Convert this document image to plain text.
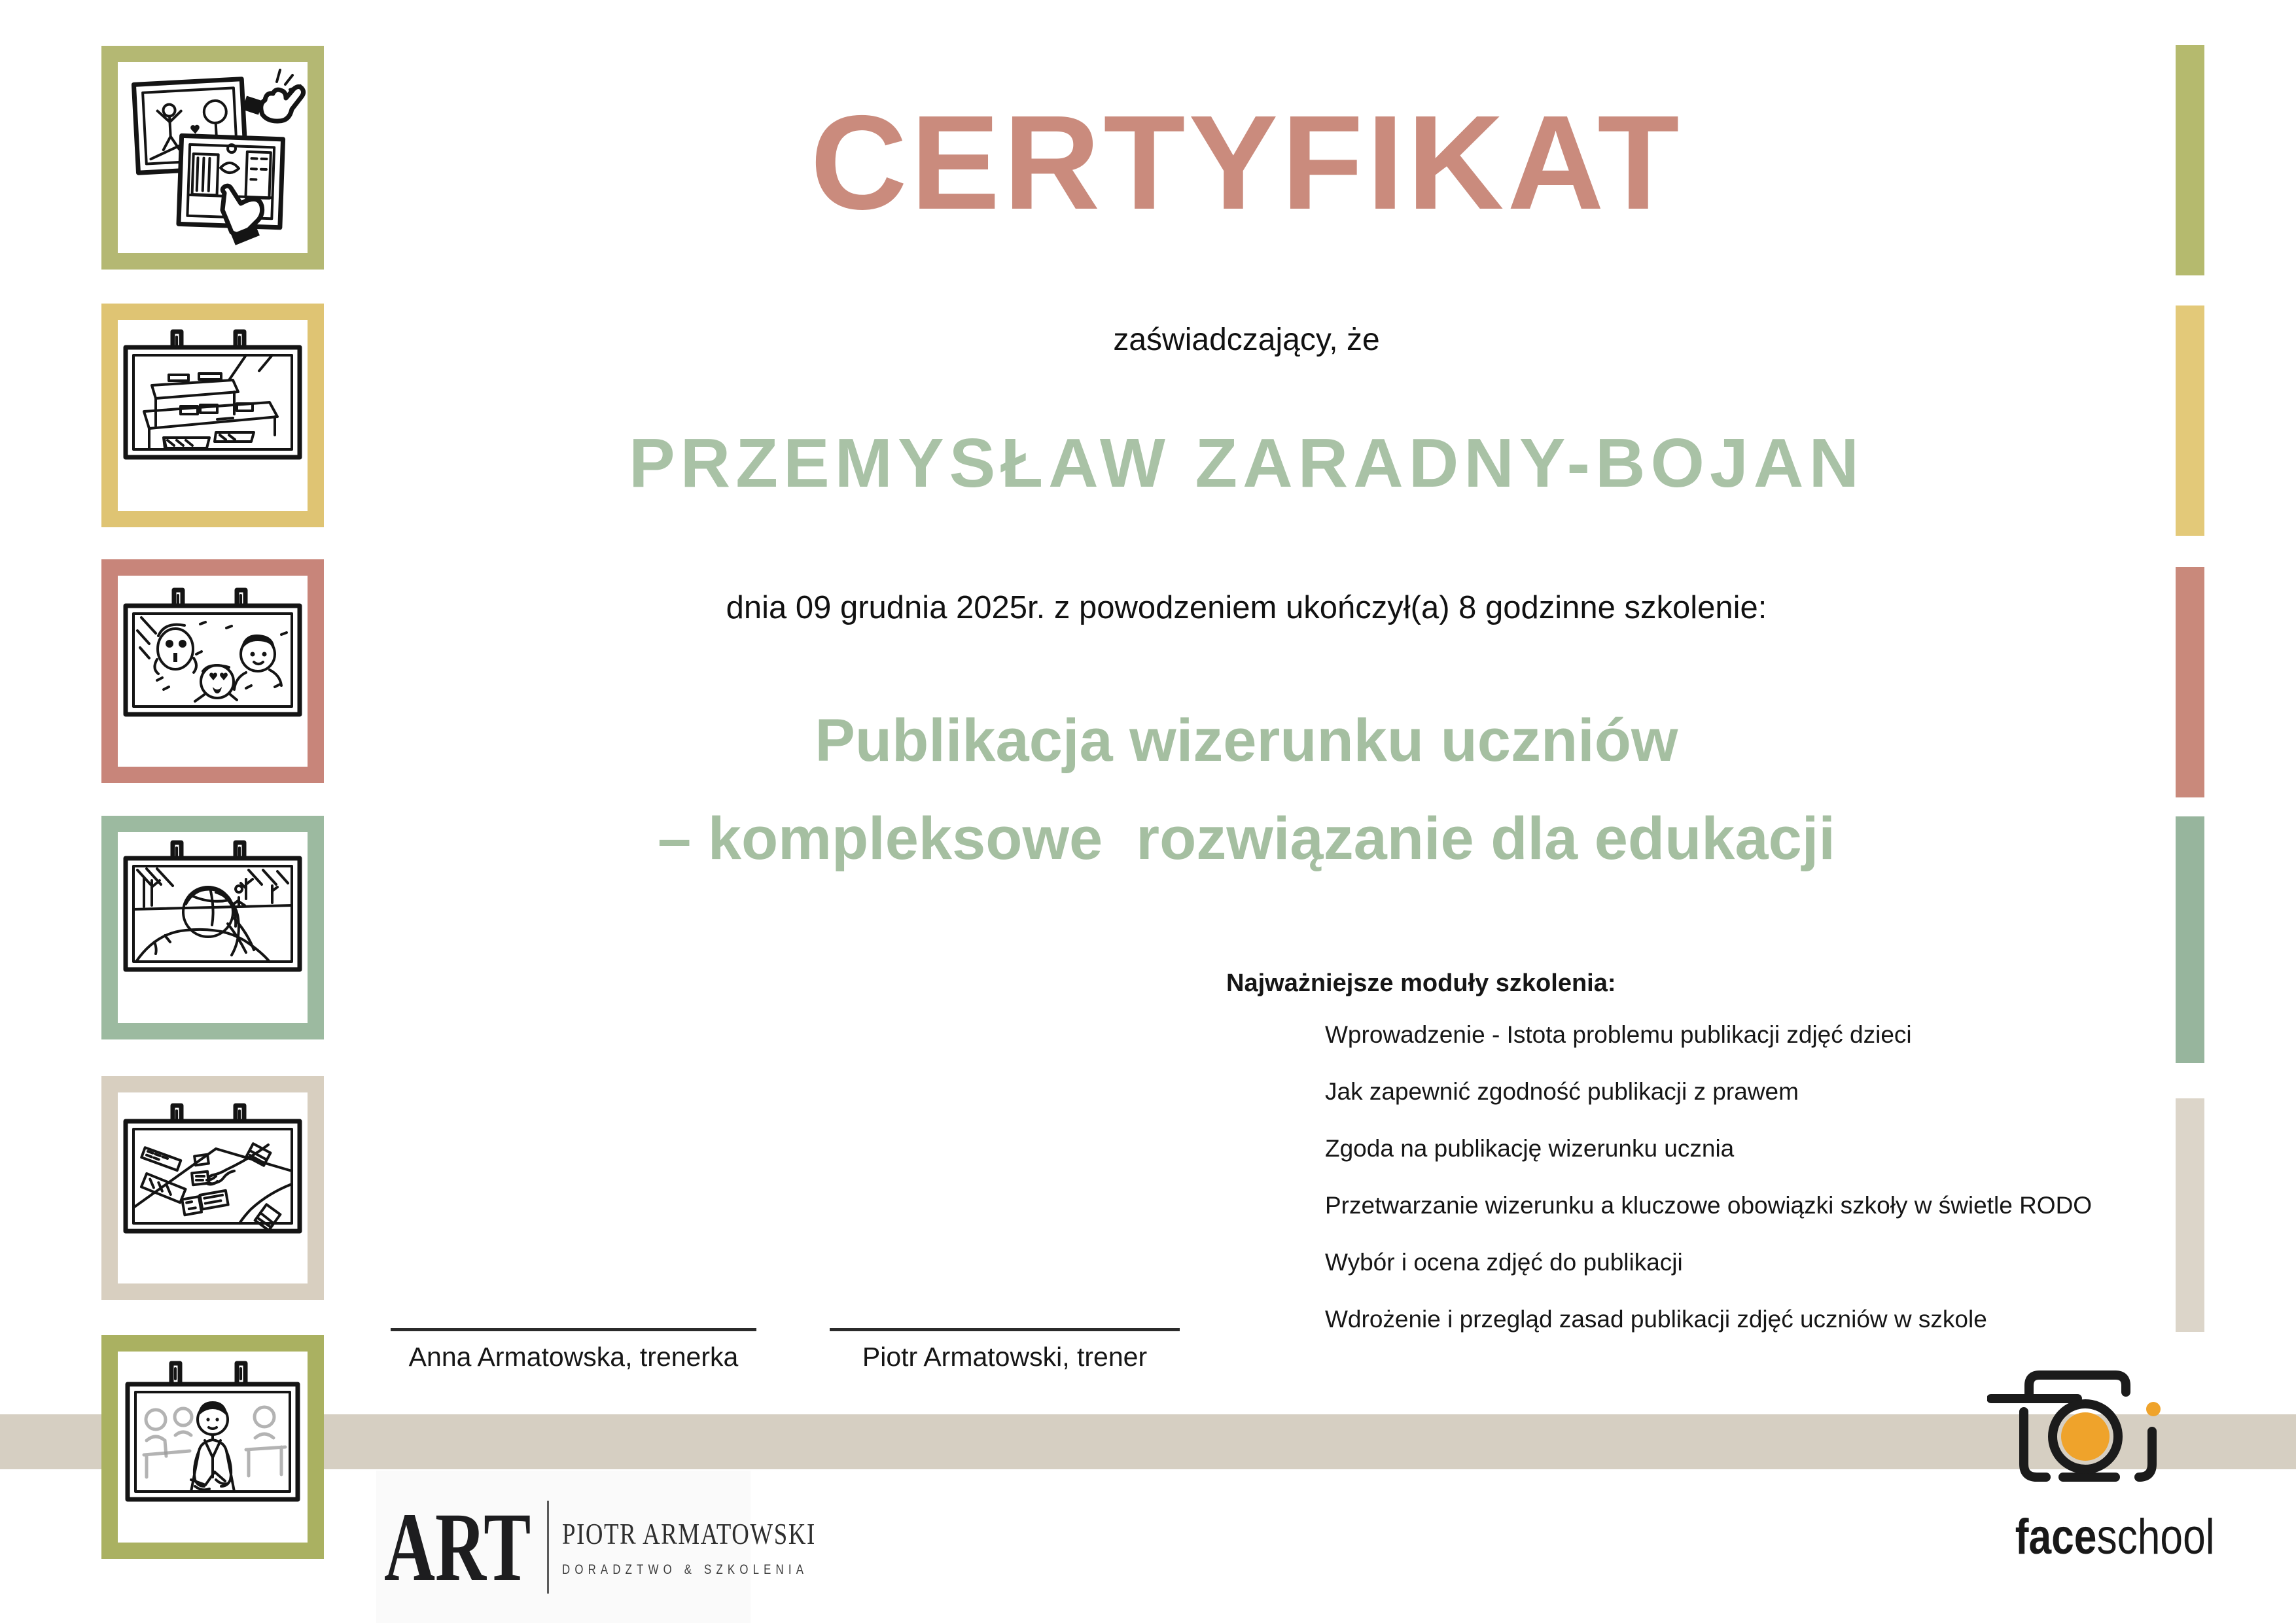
CERTYFIKAT
zaświadczający, że
PRZEMYSŁAW ZARADNY-BOJAN
dnia 09 grudnia 2025r. z powodzeniem ukończył(a) 8 godzinne szkolenie:
Publikacja wizerunku uczniów
– kompleksowe  rozwiązanie dla edukacji
Najważniejsze moduły szkolenia:
Wprowadzenie - Istota problemu publikacji zdjęć dzieci
Jak zapewnić zgodność publikacji z prawem
Zgoda na publikację wizerunku ucznia
Przetwarzanie wizerunku a kluczowe obowiązki szkoły w świetle RODO
Wybór i ocena zdjęć do publikacji
Wdrożenie i przegląd zasad publikacji zdjęć uczniów w szkole
Anna Armatowska, trenerka	Piotr Armatowski, trener
ART PIOTR ARMATOWSKI
DORADZTWO & SZKOLENIA
faceschool
